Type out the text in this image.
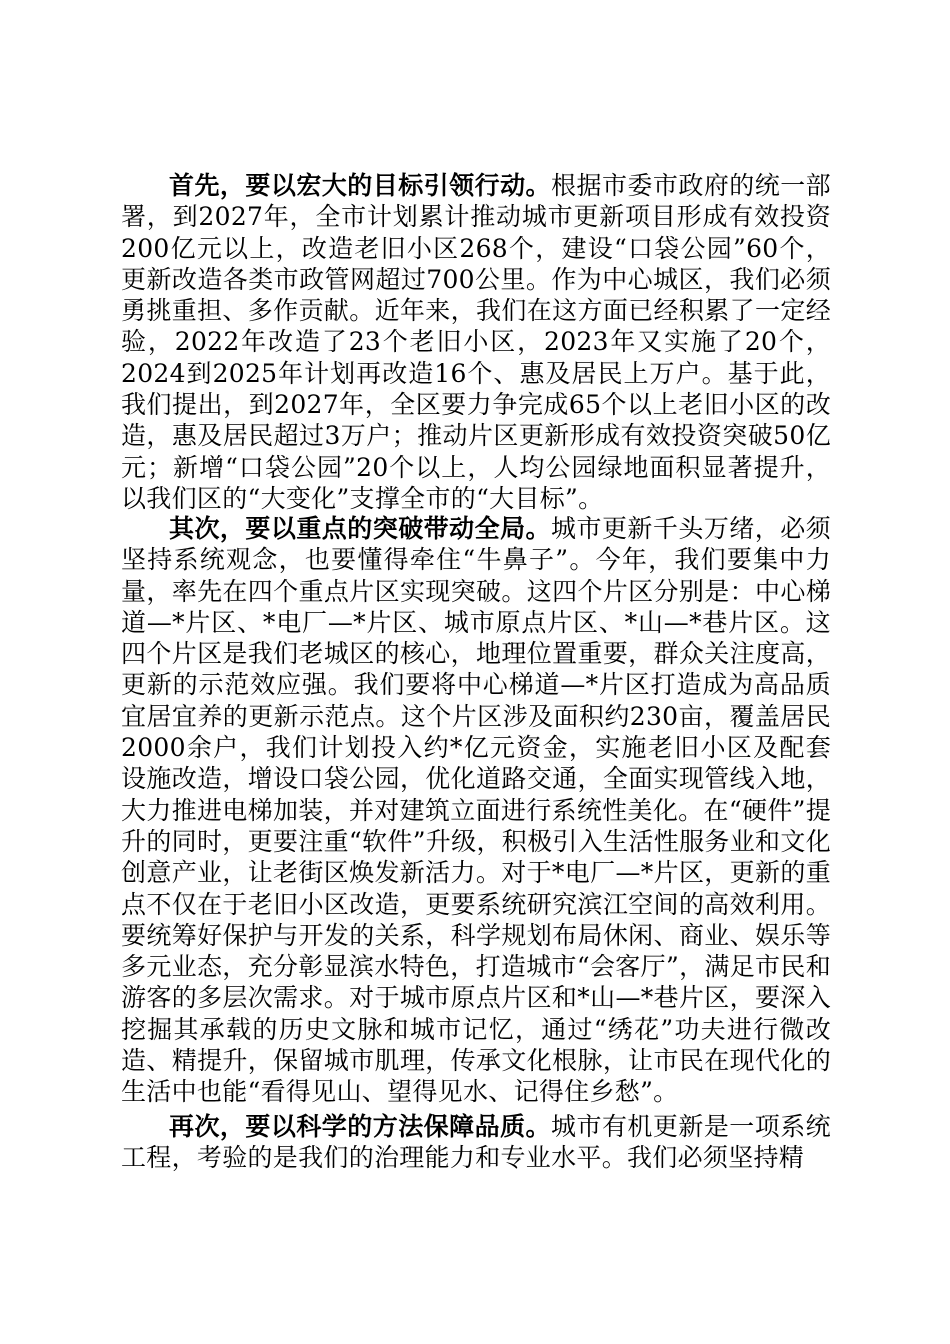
首先，要以宏大的目标引领行动。根据市委市政府的统一部署，到2027年，全市计划累计推动城市更新项目形成有效投资200亿元以上，改造老旧小区268个，建设“口袋公园”60个，更新改造各类市政管网超过700公里。作为中心城区，我们必须勇挑重担、多作贡献。近年来，我们在这方面已经积累了一定经验，2022年改造了23个老旧小区，2023年又实施了20个，2024到2025年计划再改造16个、惠及居民上万户。基于此，我们提出，到2027年，全区要力争完成65个以上老旧小区的改造，惠及居民超过3万户；推动片区更新形成有效投资突破50亿元；新增“口袋公园”20个以上，人均公园绿地面积显著提升，以我们区的“大变化”支撑全市的“大目标”。

其次，要以重点的突破带动全局。城市更新千头万绪，必须坚持系统观念，也要懂得牵住“牛鼻子”。今年，我们要集中力量，率先在四个重点片区实现突破。这四个片区分别是：中心梯道—*片区、*电厂—*片区、城市原点片区、*山—*巷片区。这四个片区是我们老城区的核心，地理位置重要，群众关注度高，更新的示范效应强。我们要将中心梯道—*片区打造成为高品质宜居宜养的更新示范点。这个片区涉及面积约230亩，覆盖居民2000余户，我们计划投入约*亿元资金，实施老旧小区及配套设施改造，增设口袋公园，优化道路交通，全面实现管线入地，大力推进电梯加装，并对建筑立面进行系统性美化。在“硬件”提升的同时，更要注重“软件”升级，积极引入生活性服务业和文化创意产业，让老街区焕发新活力。对于*电厂—*片区，更新的重点不仅在于老旧小区改造，更要系统研究滨江空间的高效利用。要统筹好保护与开发的关系，科学规划布局休闲、商业、娱乐等多元业态，充分彰显滨水特色，打造城市“会客厅”，满足市民和游客的多层次需求。对于城市原点片区和*山—*巷片区，要深入挖掘其承载的历史文脉和城市记忆，通过“绣花”功夫进行微改造、精提升，保留城市肌理，传承文化根脉，让市民在现代化的生活中也能“看得见山、望得见水、记得住乡愁”。

再次，要以科学的方法保障品质。城市有机更新是一项系统工程，考验的是我们的治理能力和专业水平。我们必须坚持精
